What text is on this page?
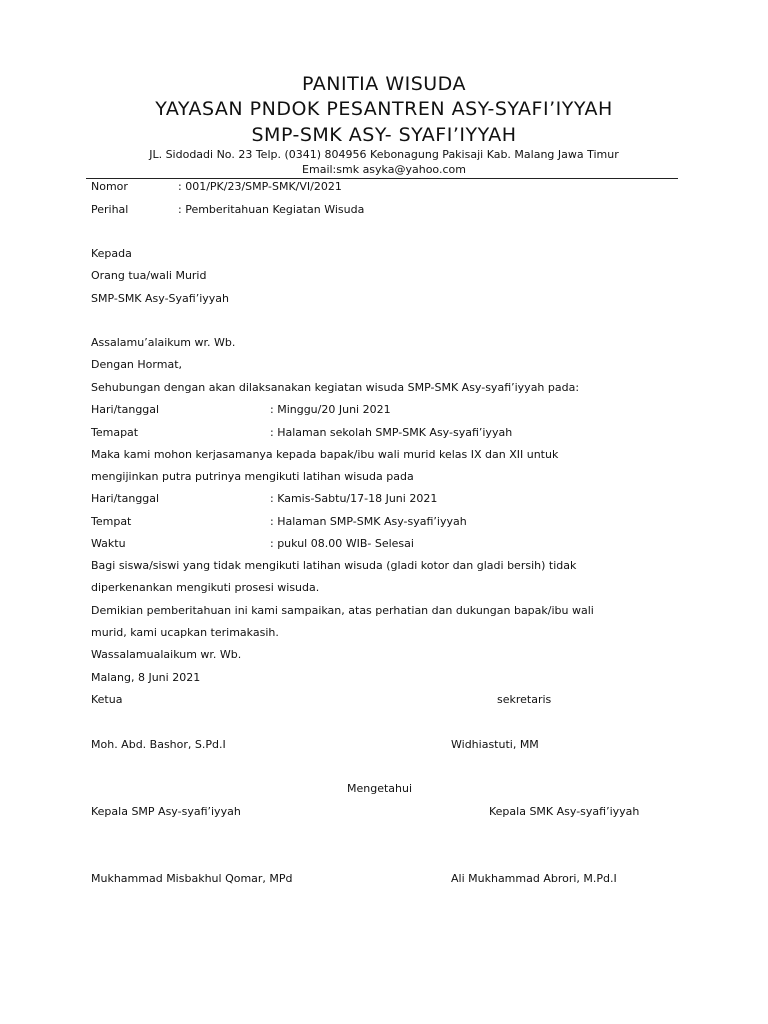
PANITIA WISUDA
YAYASAN PNDOK PESANTREN ASY-SYAFI’IYYAH
SMP-SMK ASY- SYAFI’IYYAH
JL. Sidodadi No. 23 Telp. (0341) 804956 Kebonagung Pakisaji Kab. Malang Jawa Timur
Email:smk asyka@yahoo.com
Nomor	: 001/PK/23/SMP-SMK/VI/2021
Perihal	: Pemberitahuan Kegiatan Wisuda
Kepada
Orang tua/wali Murid
SMP-SMK Asy-Syafi’iyyah
Assalamu’alaikum wr. Wb.
Dengan Hormat,
Sehubungan dengan akan dilaksanakan kegiatan wisuda SMP-SMK Asy-syafi’iyyah pada:
Hari/tanggal	: Minggu/20 Juni 2021
Temapat	: Halaman sekolah SMP-SMK Asy-syafi’iyyah
Maka kami mohon kerjasamanya kepada bapak/ibu wali murid kelas IX dan XII untuk
mengijinkan putra putrinya mengikuti latihan wisuda pada
Hari/tanggal	: Kamis-Sabtu/17-18 Juni 2021
Tempat	: Halaman SMP-SMK Asy-syafi’iyyah
Waktu	: pukul 08.00 WIB- Selesai
Bagi siswa/siswi yang tidak mengikuti latihan wisuda (gladi kotor dan gladi bersih) tidak
diperkenankan mengikuti prosesi wisuda.
Demikian pemberitahuan ini kami sampaikan, atas perhatian dan dukungan bapak/ibu wali
murid, kami ucapkan terimakasih.
Wassalamualaikum wr. Wb.
Malang, 8 Juni 2021
Ketua	sekretaris
Moh. Abd. Bashor, S.Pd.I	Widhiastuti, MM
Mengetahui
Kepala SMP Asy-syafi’iyyah	Kepala SMK Asy-syafi’iyyah
Mukhammad Misbakhul Qomar, MPd	Ali Mukhammad Abrori, M.Pd.I
